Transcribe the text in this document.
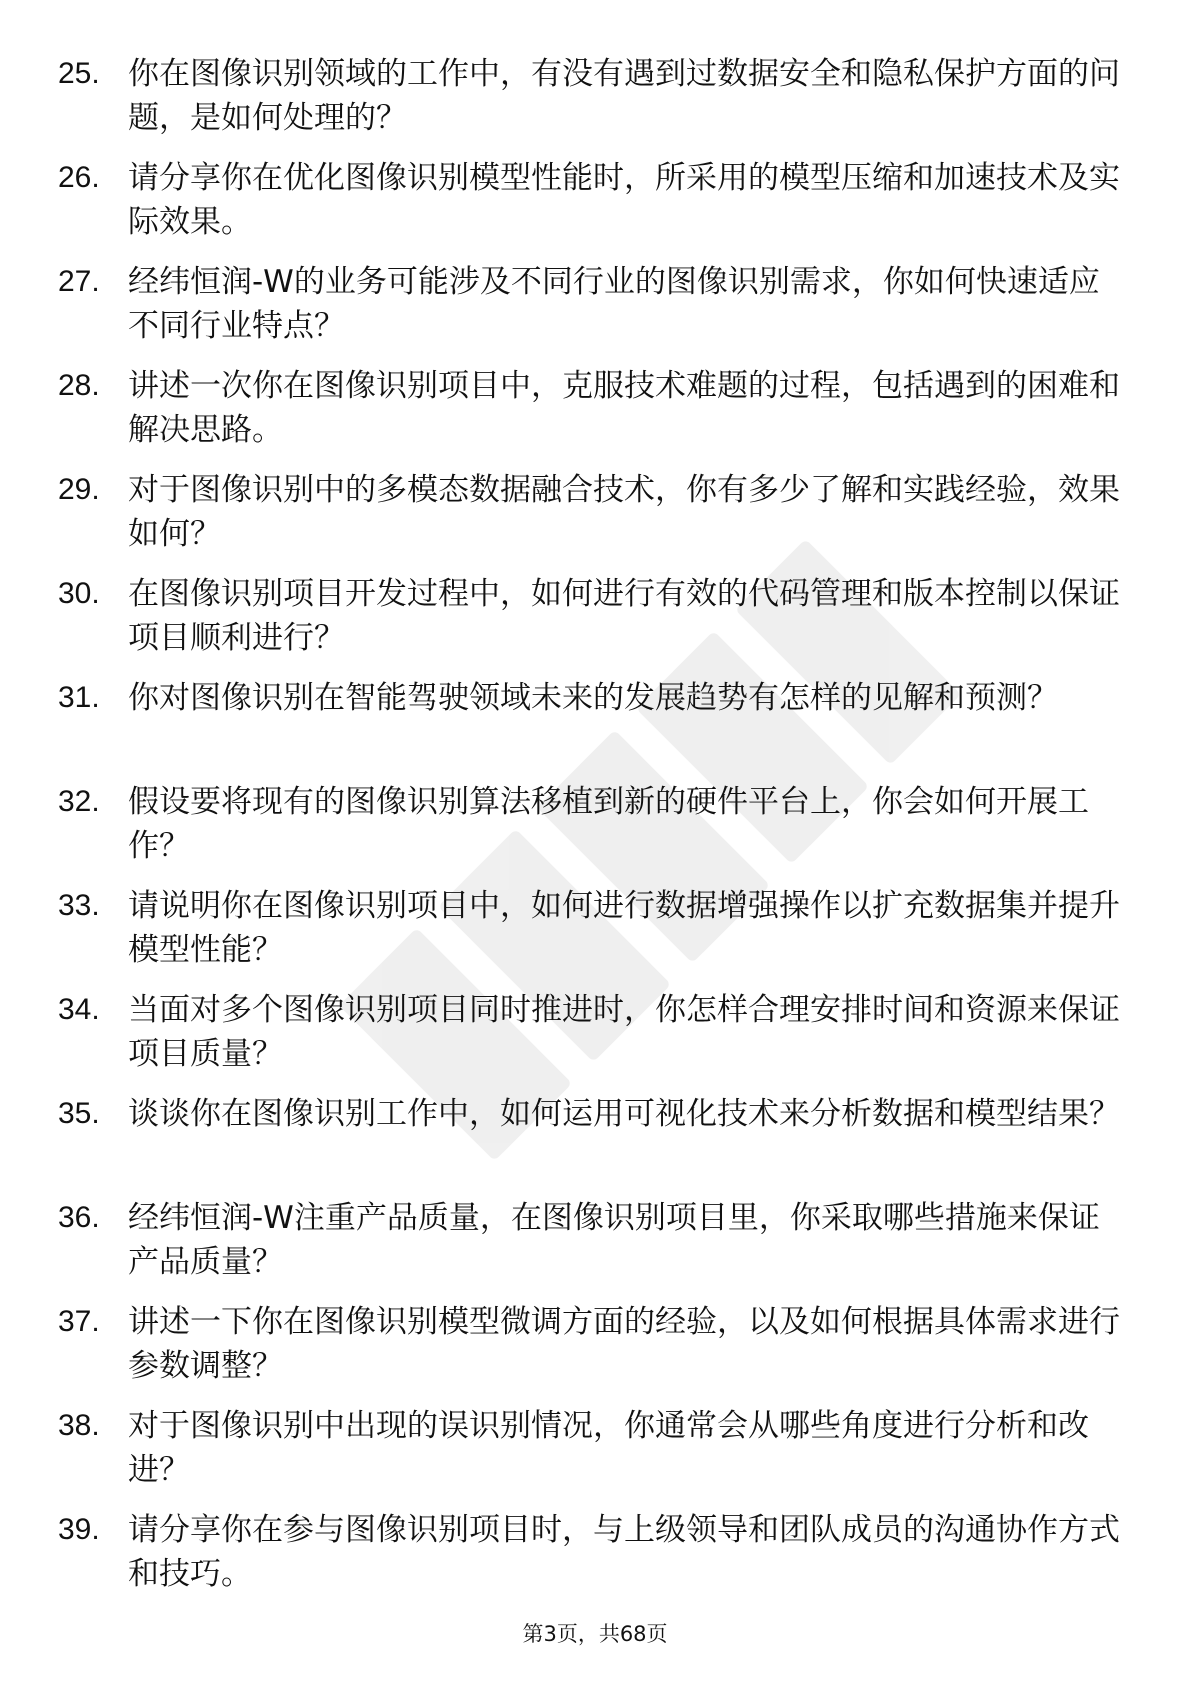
25. 你在图像识别领域的工作中，有没有遇到过数据安全和隐私保护方面的问题，是如何处理的？
26. 请分享你在优化图像识别模型性能时，所采用的模型压缩和加速技术及实际效果。
27. 经纬恒润-W的业务可能涉及不同行业的图像识别需求，你如何快速适应不同行业特点？
28. 讲述一次你在图像识别项目中，克服技术难题的过程，包括遇到的困难和解决思路。
29. 对于图像识别中的多模态数据融合技术，你有多少了解和实践经验，效果如何？
30. 在图像识别项目开发过程中，如何进行有效的代码管理和版本控制以保证项目顺利进行？
31. 你对图像识别在智能驾驶领域未来的发展趋势有怎样的见解和预测？
32. 假设要将现有的图像识别算法移植到新的硬件平台上，你会如何开展工作？
33. 请说明你在图像识别项目中，如何进行数据增强操作以扩充数据集并提升模型性能？
34. 当面对多个图像识别项目同时推进时，你怎样合理安排时间和资源来保证项目质量？
35. 谈谈你在图像识别工作中，如何运用可视化技术来分析数据和模型结果？
36. 经纬恒润-W注重产品质量，在图像识别项目里，你采取哪些措施来保证产品质量？
37. 讲述一下你在图像识别模型微调方面的经验，以及如何根据具体需求进行参数调整？
38. 对于图像识别中出现的误识别情况，你通常会从哪些角度进行分析和改进？
39. 请分享你在参与图像识别项目时，与上级领导和团队成员的沟通协作方式和技巧。
第3页，共68页
